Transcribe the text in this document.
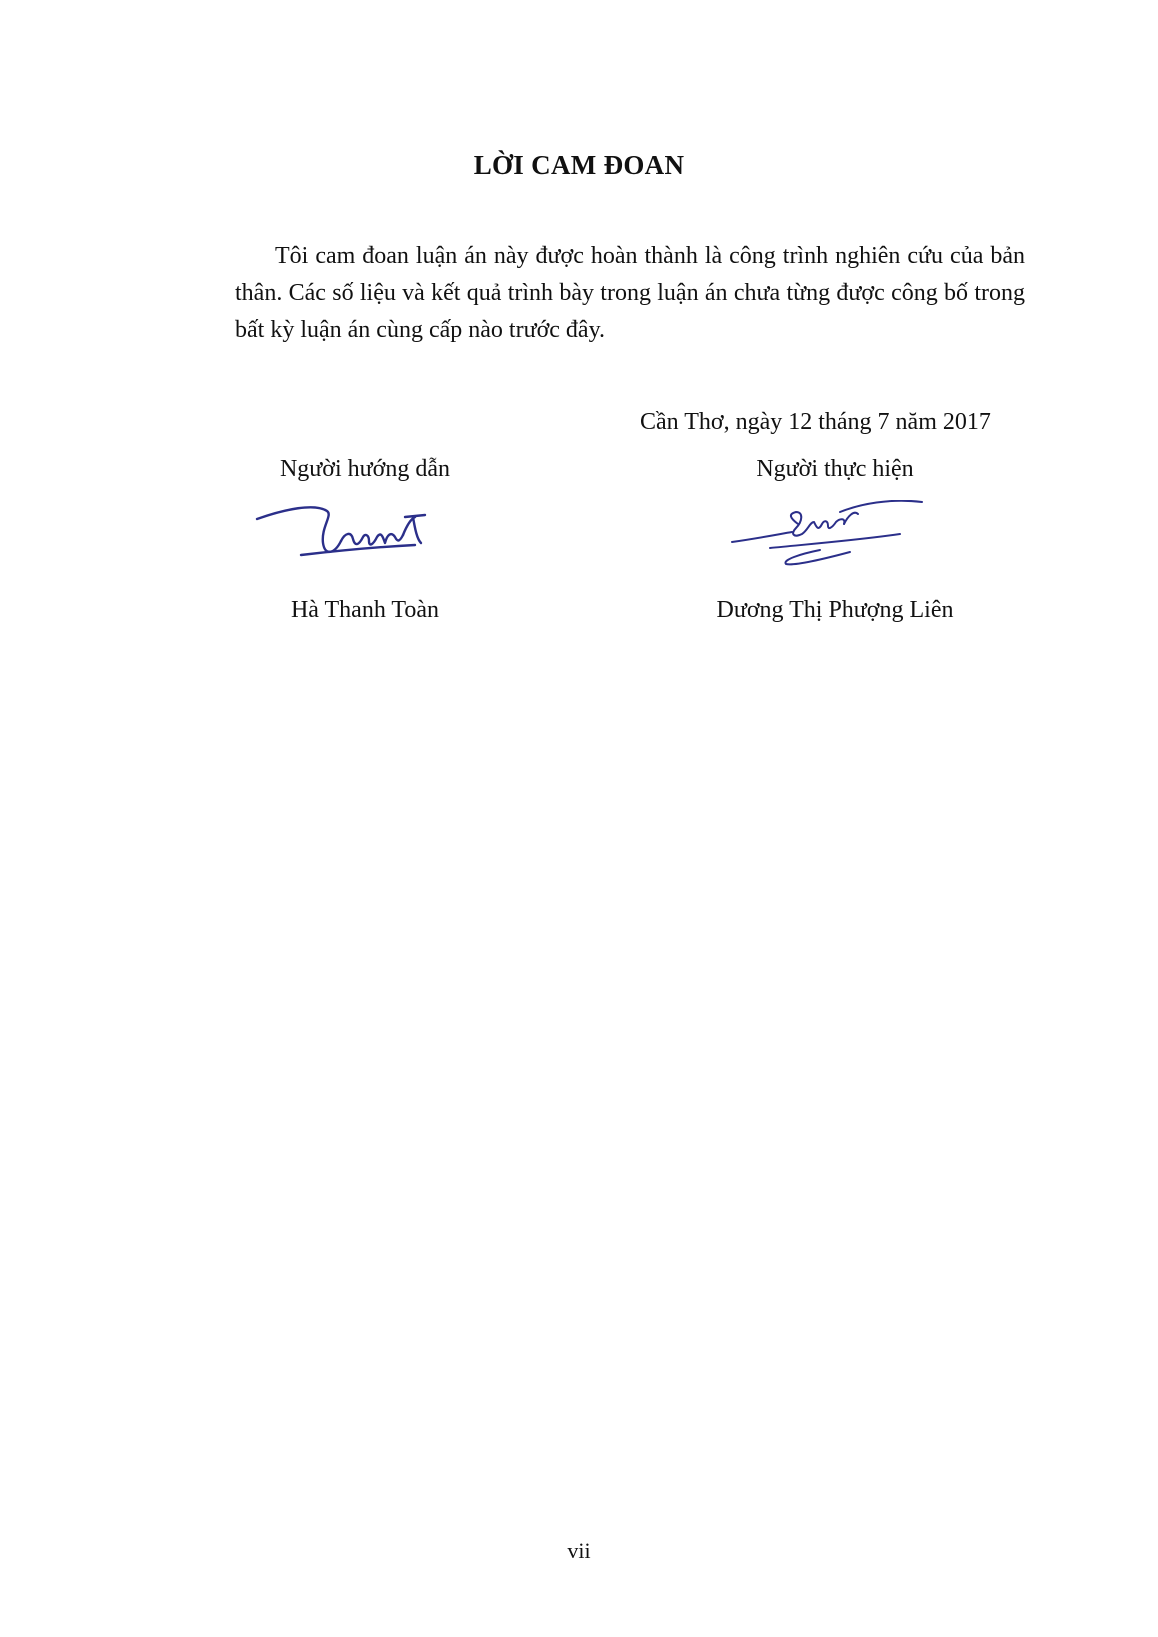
LỜI CAM ĐOAN

Tôi cam đoan luận án này được hoàn thành là công trình nghiên cứu của bản thân. Các số liệu và kết quả trình bày trong luận án chưa từng được công bố trong bất kỳ luận án cùng cấp nào trước đây.

Cần Thơ, ngày 12 tháng 7 năm 2017
Người hướng dẫn	Người thực hiện
Hà Thanh Toàn	Dương Thị Phượng Liên
vii
